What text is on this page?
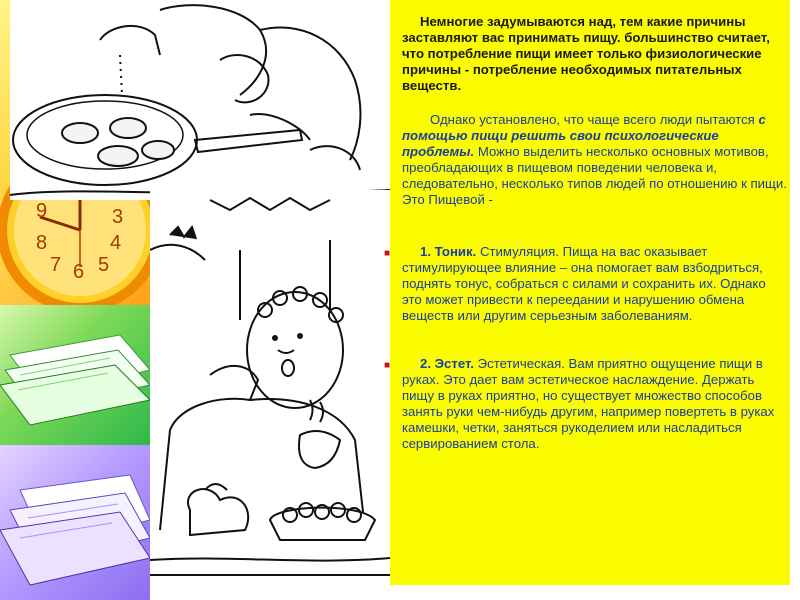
9
8
7 6 5
4
3

Немногие задумываются над, тем какие причины заставляют вас принимать пищу. большинство считает, что потребление пищи имеет только физиологические причины - потребление необходимых питательных веществ.

Однако установлено, что чаще всего люди пытаются с помощью пищи решить свои психологические проблемы. Можно выделить несколько основных мотивов, преобладающих в пищевом поведении человека и, следовательно, несколько типов людей по отношению к пищи. Это Пищевой -

■ 1. Тоник. Стимуляция. Пища на вас оказывает стимулирующее влияние – она помогает вам взбодриться, поднять тонус, собраться с силами и сохранить их. Однако это может привести к переедании и нарушению обмена веществ или другим серьезным заболеваниям.

■ 2. Эстет. Эстетическая. Вам приятно ощущение пищи в руках. Это дает вам эстетическое наслаждение. Держать пищу в руках приятно, но существует множество способов занять руки чем-нибудь другим, например повертеть в руках камешки, четки, заняться рукоделием или насладиться сервированием стола.
